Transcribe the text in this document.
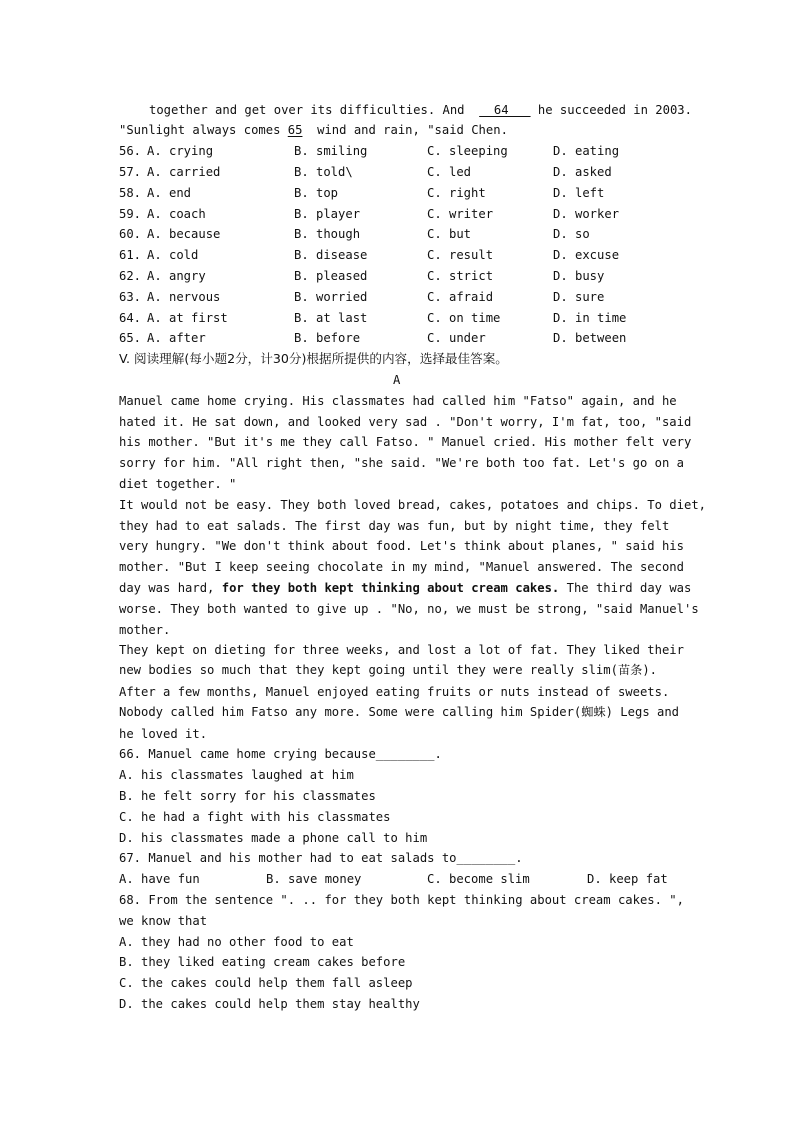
together and get over its difficulties. And    64    he succeeded in 2003.
"Sunlight always comes 65  wind and rain, "said Chen.
56. A. crying	B. smiling	C. sleeping	D. eating
57. A. carried	B. told\	C. led	D. asked
58. A. end	B. top	C. right	D. left
59. A. coach	B. player	C. writer	D. worker
60. A. because	B. though	C. but	D. so
61. A. cold	B. disease	C. result	D. excuse
62. A. angry	B. pleased	C. strict	D. busy
63. A. nervous	B. worried	C. afraid	D. sure
64. A. at first	B. at last	C. on time	D. in time
65. A. after	B. before	C. under	D. between
V. 阅读理解(每小题2分，计30分)根据所提供的内容，选择最佳答案。
A
Manuel came home crying. His classmates had called him "Fatso" again, and he
hated it. He sat down, and looked very sad . "Don't worry, I'm fat, too, "said
his mother. "But it's me they call Fatso. " Manuel cried. His mother felt very
sorry for him. "All right then, "she said. "We're both too fat. Let's go on a
diet together. "
It would not be easy. They both loved bread, cakes, potatoes and chips. To diet,
they had to eat salads. The first day was fun, but by night time, they felt
very hungry. "We don't think about food. Let's think about planes, " said his
mother. "But I keep seeing chocolate in my mind, "Manuel answered. The second
day was hard, for they both kept thinking about cream cakes. The third day was
worse. They both wanted to give up . "No, no, we must be strong, "said Manuel's
mother.
They kept on dieting for three weeks, and lost a lot of fat. They liked their
new bodies so much that they kept going until they were really slim(苗条).
After a few months, Manuel enjoyed eating fruits or nuts instead of sweets.
Nobody called him Fatso any more. Some were calling him Spider(蜘蛛) Legs and
he loved it.
66. Manuel came home crying because________.
A. his classmates laughed at him
B. he felt sorry for his classmates
C. he had a fight with his classmates
D. his classmates made a phone call to him
67. Manuel and his mother had to eat salads to________.
A. have fun	B. save money	C. become slim	D. keep fat
68. From the sentence ". .. for they both kept thinking about cream cakes. ",
we know that
A. they had no other food to eat
B. they liked eating cream cakes before
C. the cakes could help them fall asleep
D. the cakes could help them stay healthy
